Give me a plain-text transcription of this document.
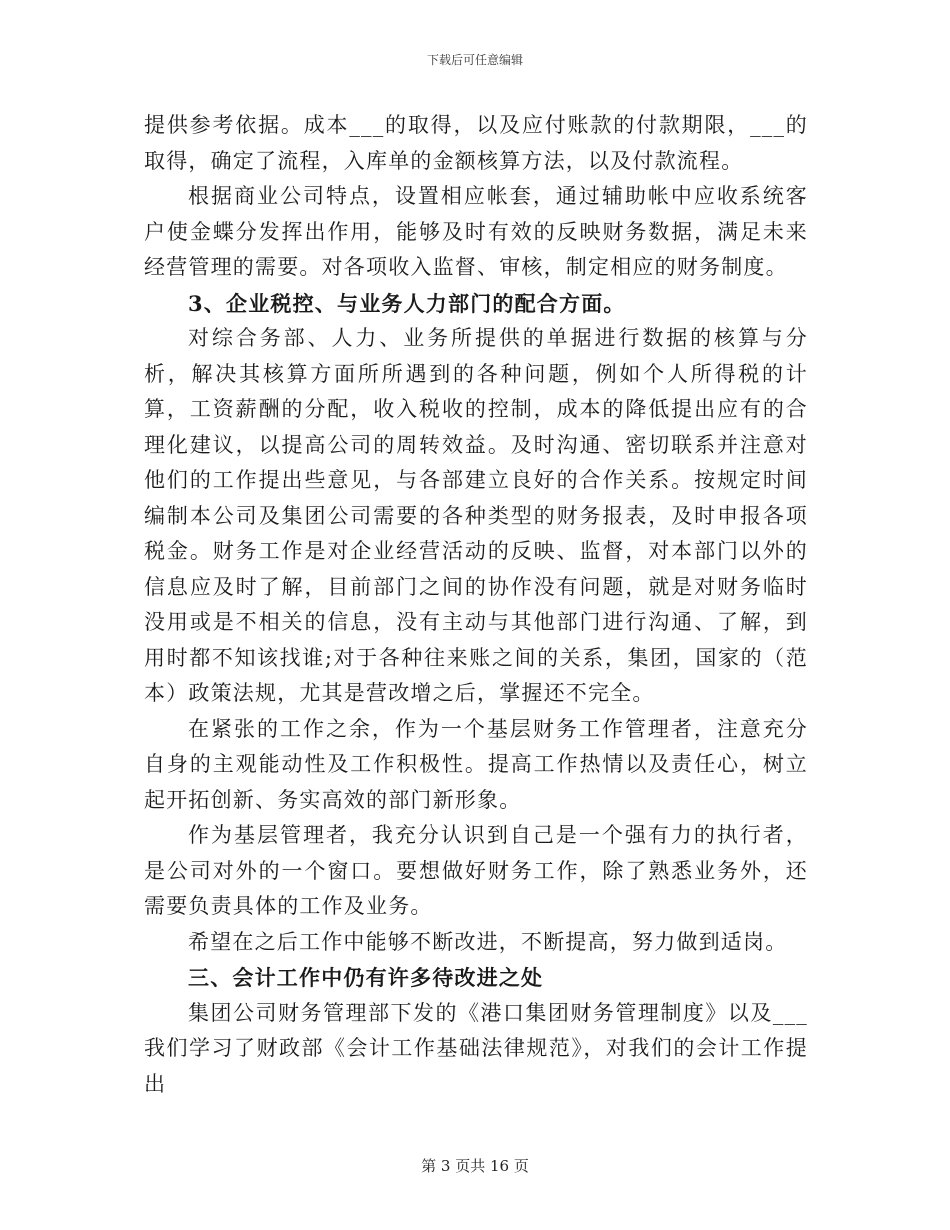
下载后可任意编辑

提供参考依据。成本___的取得，以及应付账款的付款期限，___的取得，确定了流程，入库单的金额核算方法，以及付款流程。

根据商业公司特点，设置相应帐套，通过辅助帐中应收系统客户使金蝶分发挥出作用，能够及时有效的反映财务数据，满足未来经营管理的需要。对各项收入监督、审核，制定相应的财务制度。

3、企业税控、与业务人力部门的配合方面。

对综合务部、人力、业务所提供的单据进行数据的核算与分析，解决其核算方面所所遇到的各种问题，例如个人所得税的计算，工资薪酬的分配，收入税收的控制，成本的降低提出应有的合理化建议，以提高公司的周转效益。及时沟通、密切联系并注意对他们的工作提出些意见，与各部建立良好的合作关系。按规定时间编制本公司及集团公司需要的各种类型的财务报表，及时申报各项税金。财务工作是对企业经营活动的反映、监督，对本部门以外的信息应及时了解，目前部门之间的协作没有问题，就是对财务临时没用或是不相关的信息，没有主动与其他部门进行沟通、了解，到用时都不知该找谁;对于各种往来账之间的关系，集团，国家的（范本）政策法规，尤其是营改增之后，掌握还不完全。

在紧张的工作之余，作为一个基层财务工作管理者，注意充分自身的主观能动性及工作积极性。提高工作热情以及责任心，树立起开拓创新、务实高效的部门新形象。

作为基层管理者，我充分认识到自己是一个强有力的执行者，是公司对外的一个窗口。要想做好财务工作，除了熟悉业务外，还需要负责具体的工作及业务。

希望在之后工作中能够不断改进，不断提高，努力做到适岗。

三、会计工作中仍有许多待改进之处

集团公司财务管理部下发的《港口集团财务管理制度》以及___我们学习了财政部《会计工作基础法律规范》，对我们的会计工作提出

第 3 页共 16 页
